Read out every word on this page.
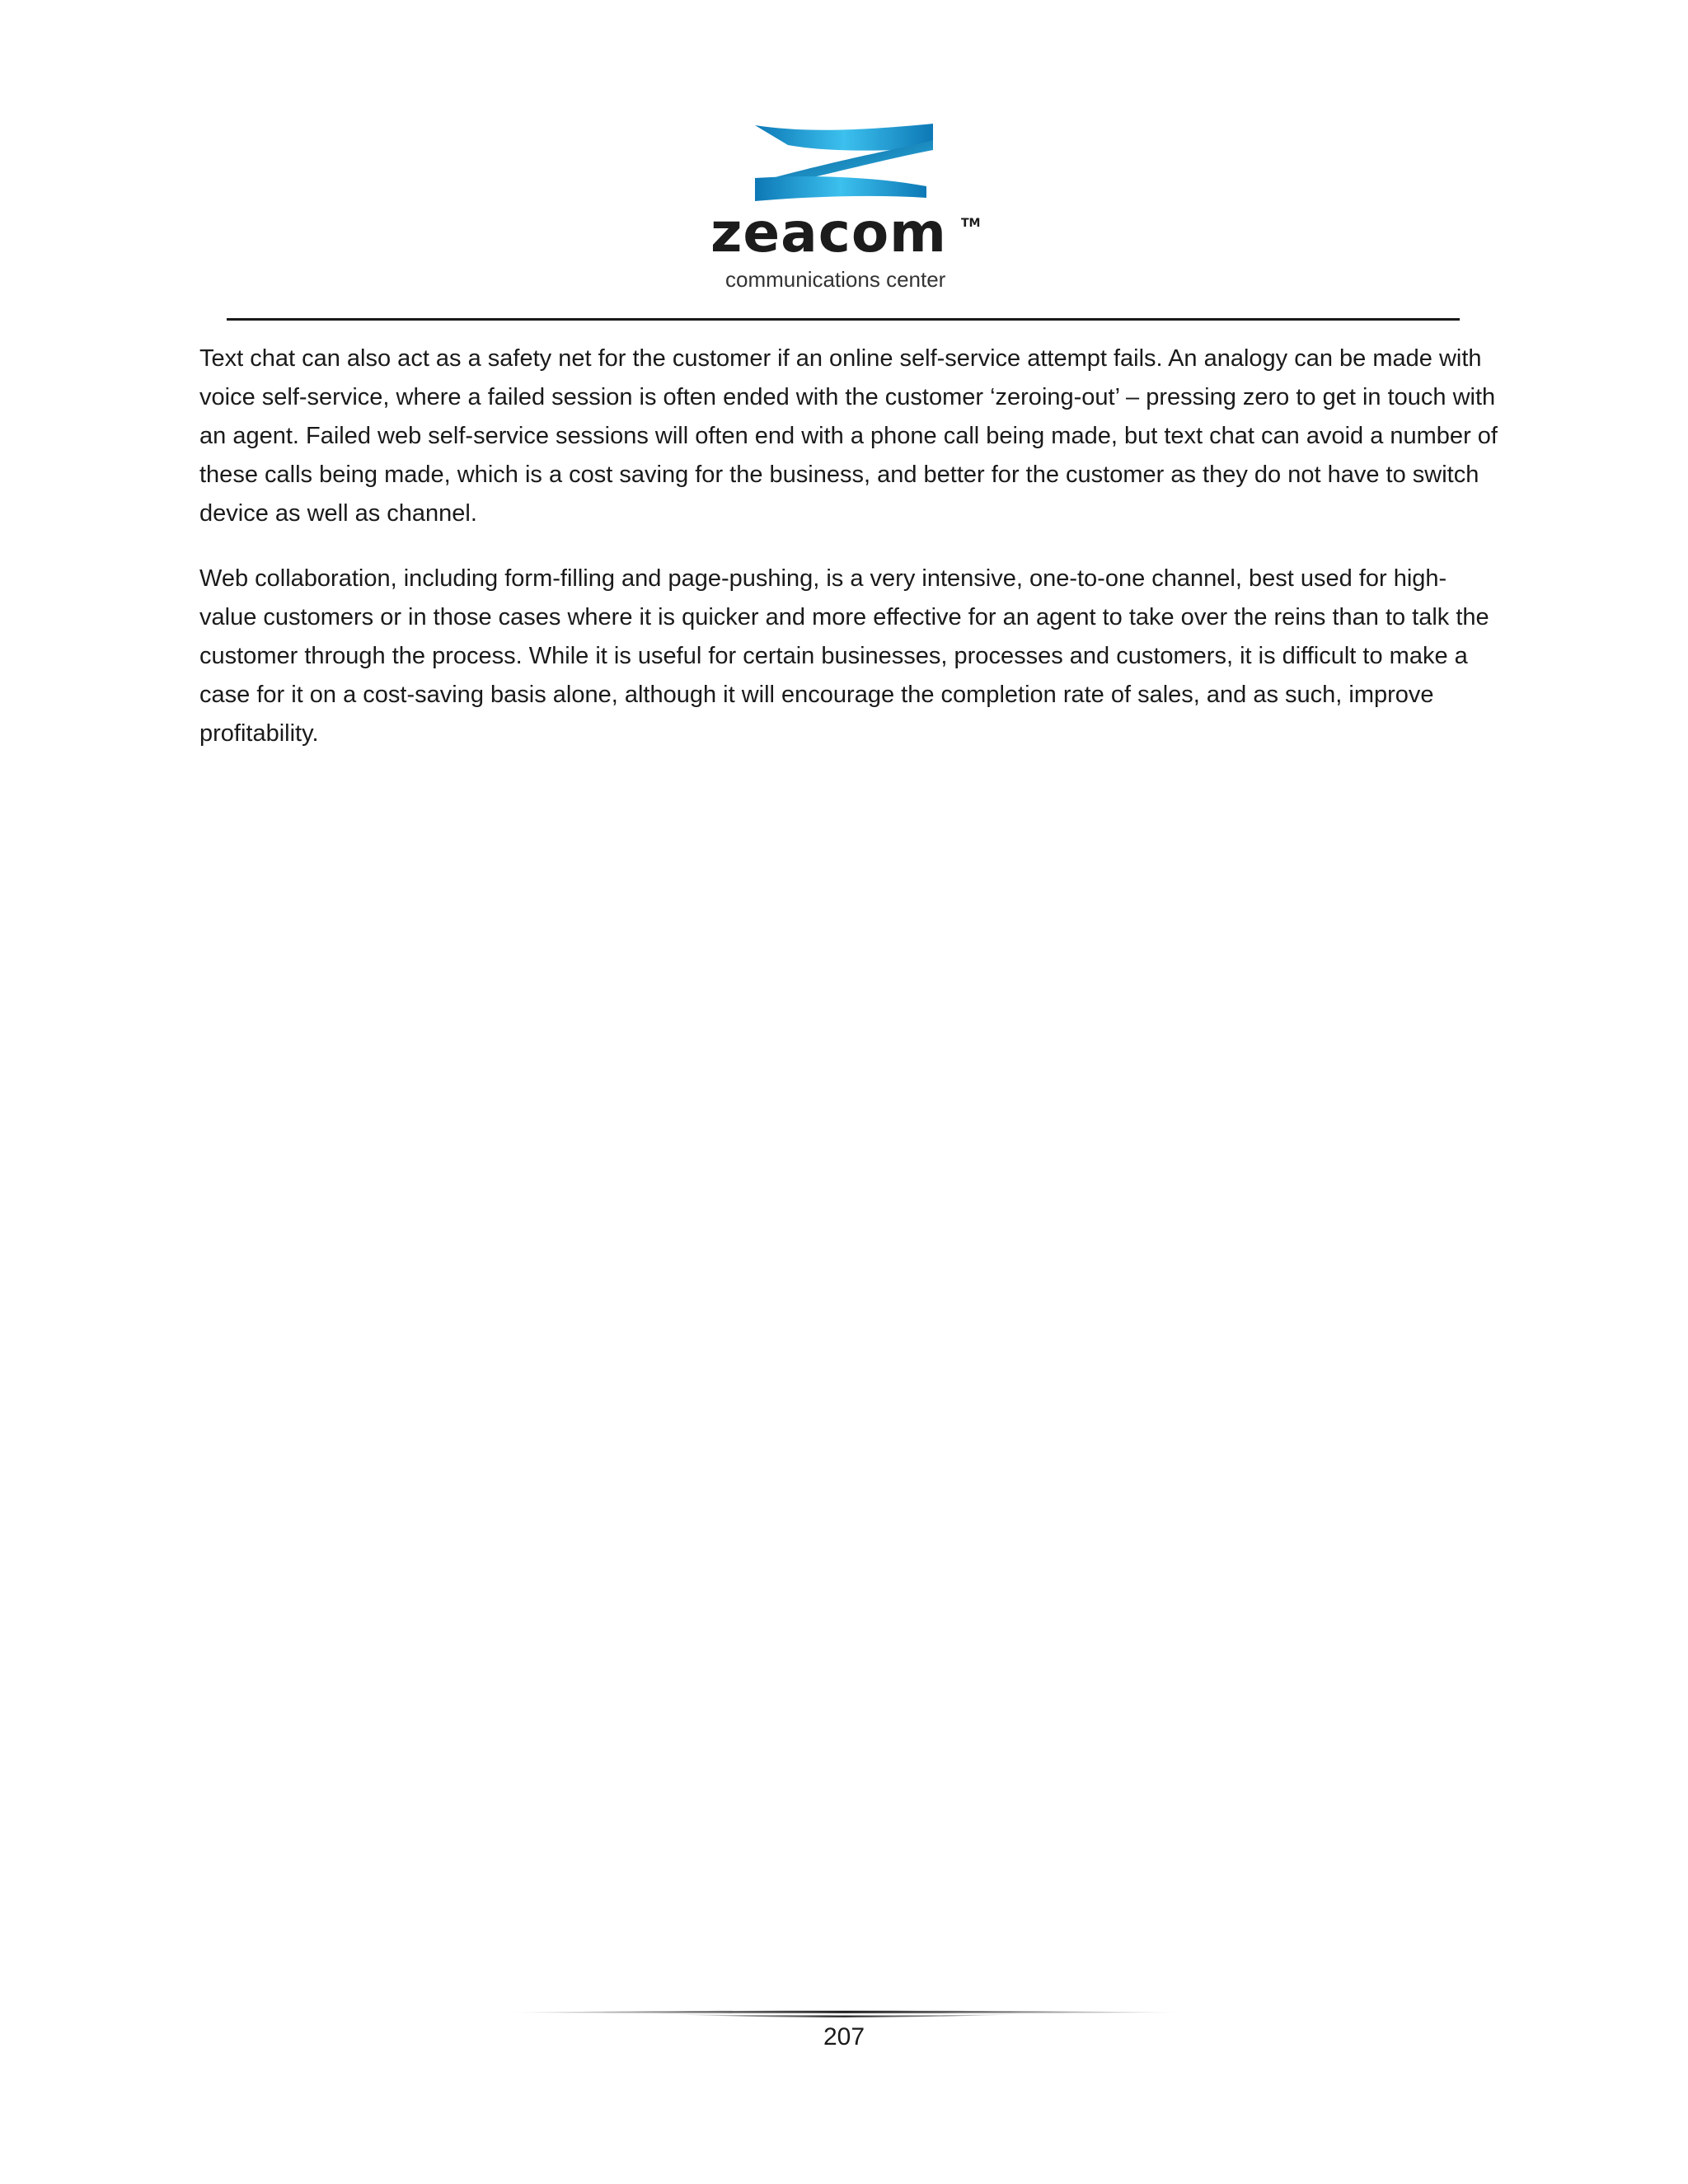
zeacom TM
communications center

Text chat can also act as a safety net for the customer if an online self-service attempt fails. An analogy can be made with voice self-service, where a failed session is often ended with the customer ‘zeroing-out’ – pressing zero to get in touch with an agent. Failed web self-service sessions will often end with a phone call being made, but text chat can avoid a number of these calls being made, which is a cost saving for the business, and better for the customer as they do not have to switch device as well as channel.

Web collaboration, including form-filling and page-pushing, is a very intensive, one-to-one channel, best used for high-value customers or in those cases where it is quicker and more effective for an agent to take over the reins than to talk the customer through the process. While it is useful for certain businesses, processes and customers, it is difficult to make a case for it on a cost-saving basis alone, although it will encourage the completion rate of sales, and as such, improve profitability.

207
